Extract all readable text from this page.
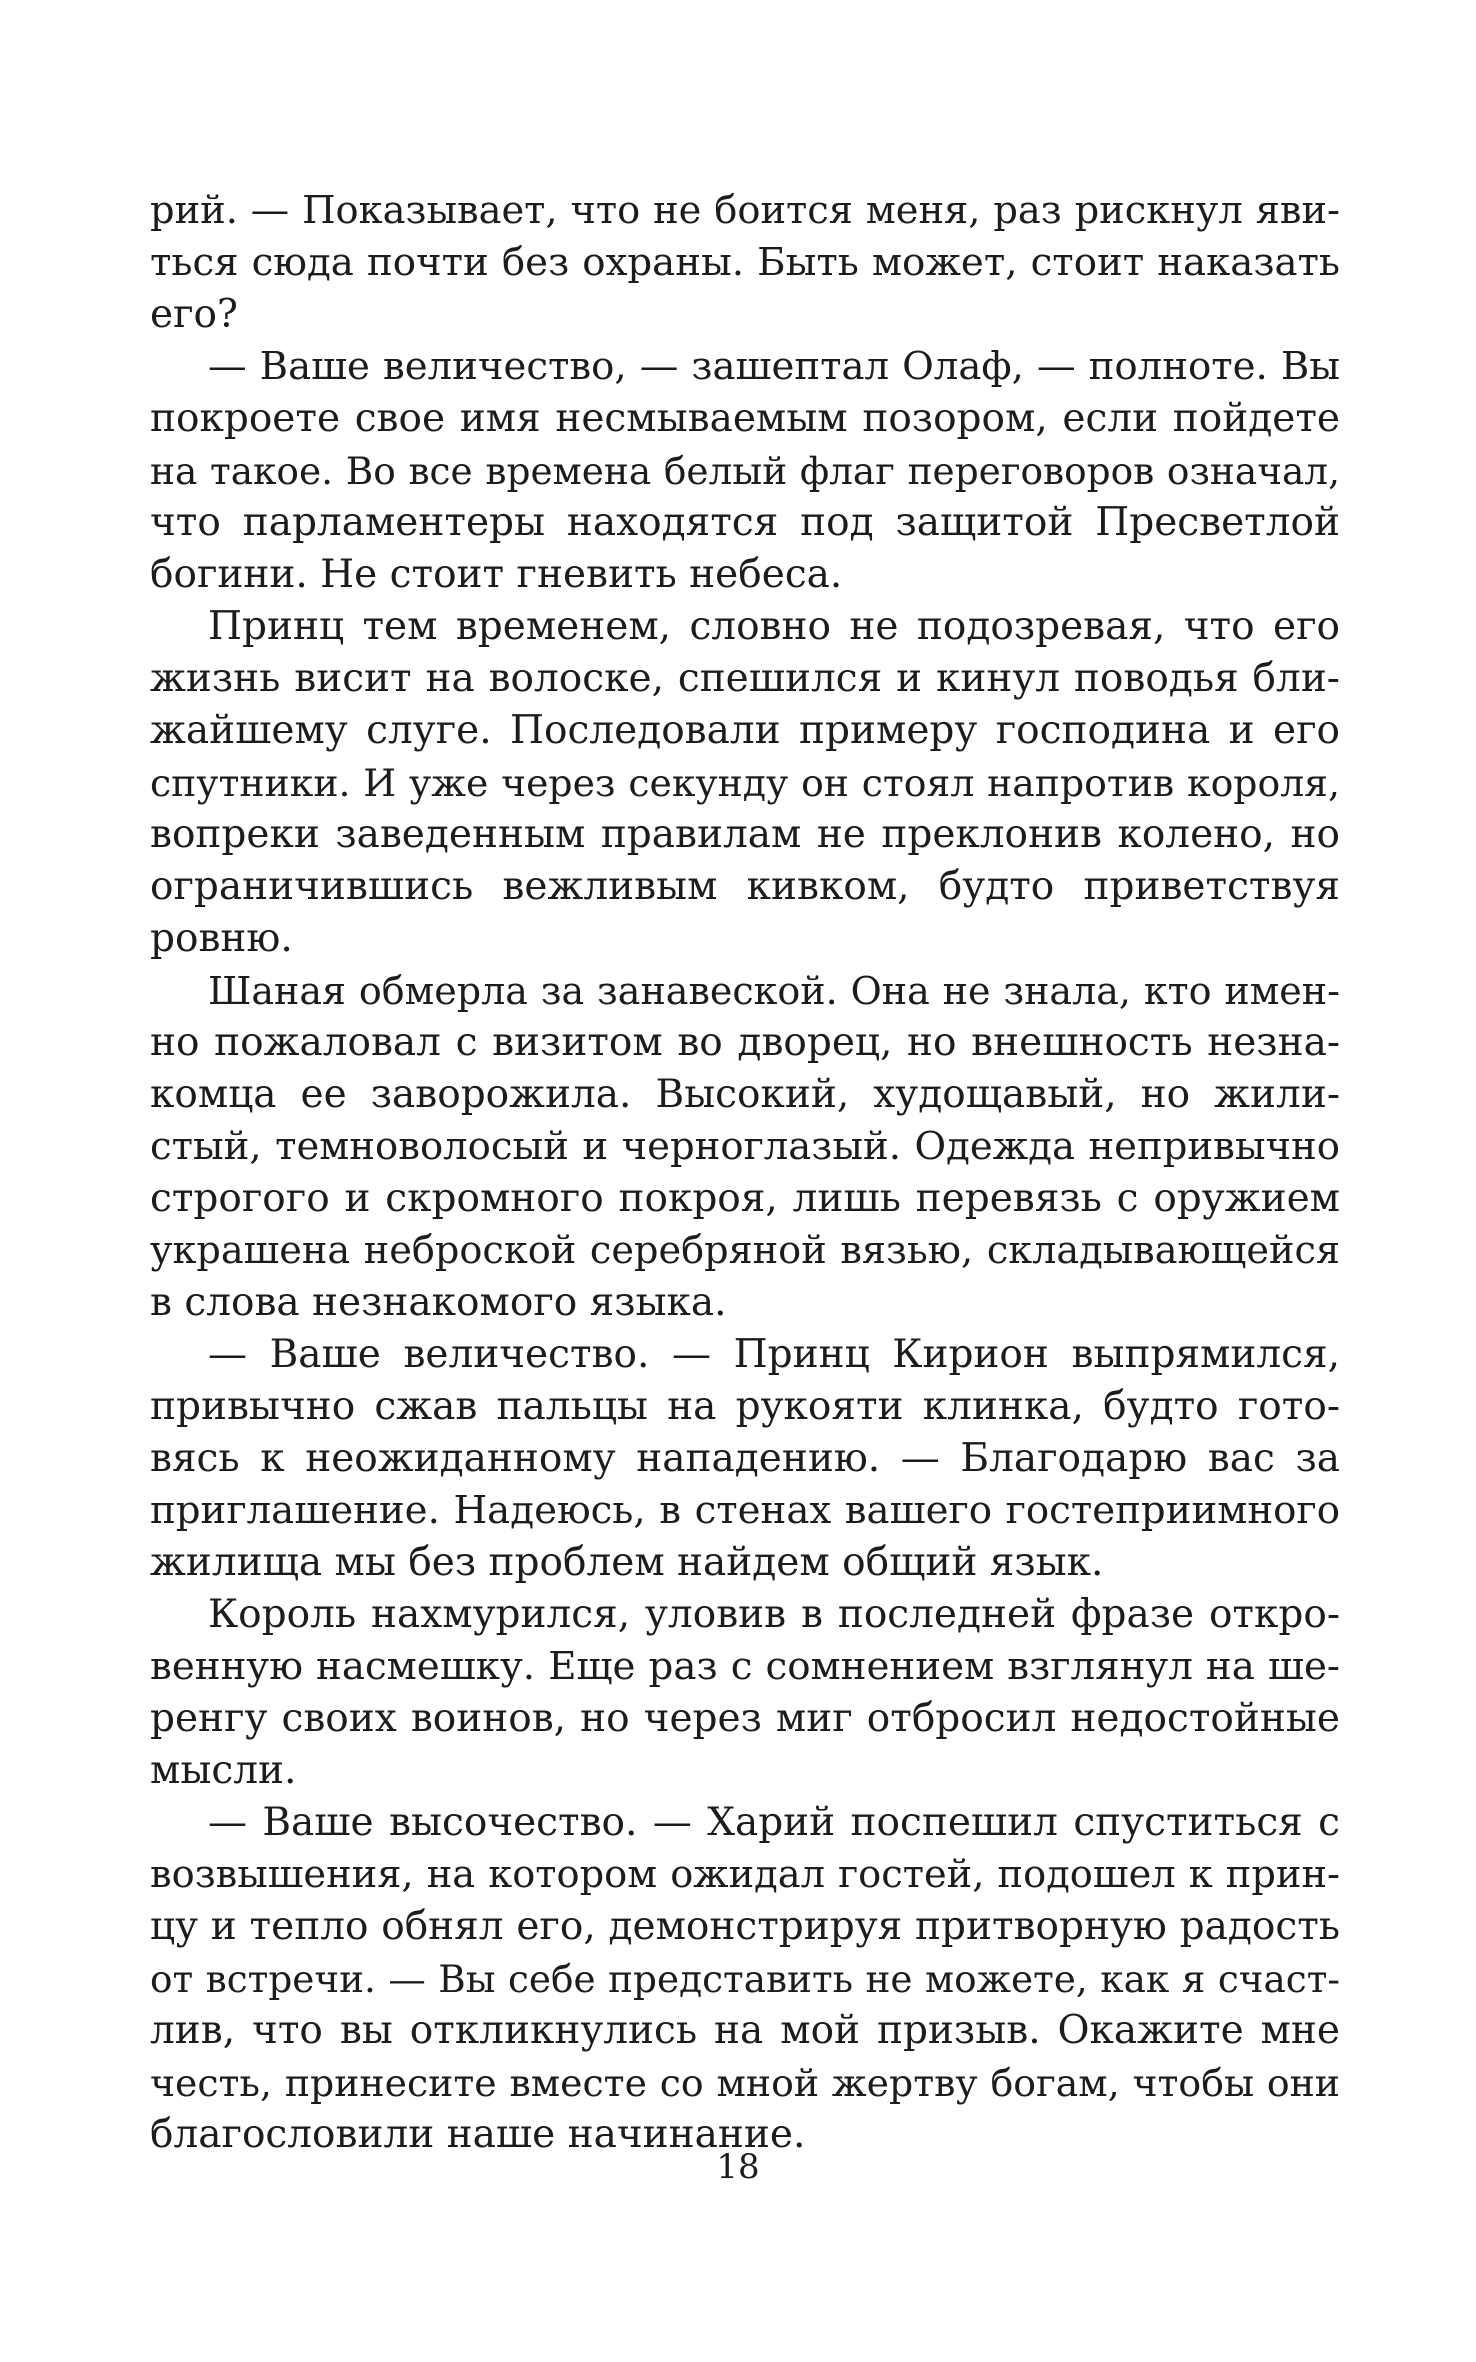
рий. — Показывает, что не боится меня, раз рискнул яви-
ться сюда почти без охраны. Быть может, стоит наказать
его?
— Ваше величество, — зашептал Олаф, — полноте. Вы
покроете свое имя несмываемым позором, если пойдете
на такое. Во все времена белый флаг переговоров означал,
что парламентеры находятся под защитой Пресветлой
богини. Не стоит гневить небеса.
Принц тем временем, словно не подозревая, что его
жизнь висит на волоске, спешился и кинул поводья бли-
жайшему слуге. Последовали примеру господина и его
спутники. И уже через секунду он стоял напротив короля,
вопреки заведенным правилам не преклонив колено, но
ограничившись вежливым кивком, будто приветствуя
ровню.
Шаная обмерла за занавеской. Она не знала, кто имен-
но пожаловал с визитом во дворец, но внешность незна-
комца ее заворожила. Высокий, худощавый, но жили-
стый, темноволосый и черноглазый. Одежда непривычно
строгого и скромного покроя, лишь перевязь с оружием
украшена неброской серебряной вязью, складывающейся
в слова незнакомого языка.
— Ваше величество. — Принц Кирион выпрямился,
привычно сжав пальцы на рукояти клинка, будто гото-
вясь к неожиданному нападению. — Благодарю вас за
приглашение. Надеюсь, в стенах вашего гостеприимного
жилища мы без проблем найдем общий язык.
Король нахмурился, уловив в последней фразе откро-
венную насмешку. Еще раз с сомнением взглянул на ше-
ренгу своих воинов, но через миг отбросил недостойные
мысли.
— Ваше высочество. — Харий поспешил спуститься с
возвышения, на котором ожидал гостей, подошел к прин-
цу и тепло обнял его, демонстрируя притворную радость
от встречи. — Вы себе представить не можете, как я счаст-
лив, что вы откликнулись на мой призыв. Окажите мне
честь, принесите вместе со мной жертву богам, чтобы они
благословили наше начинание.
18
